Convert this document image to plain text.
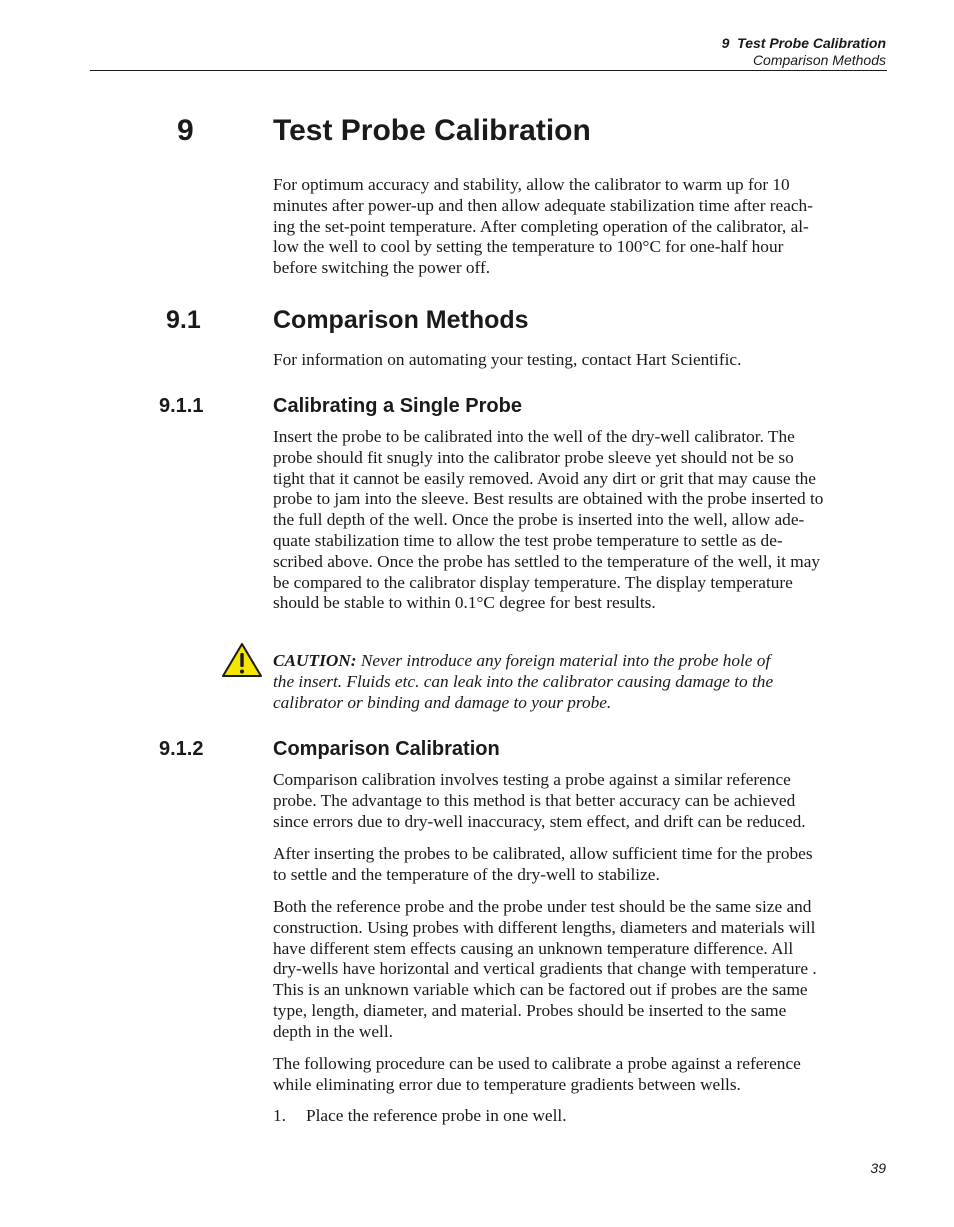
9  Test Probe Calibration
Comparison Methods
9	Test Probe Calibration
For optimum accuracy and stability, allow the calibrator to warm up for 10
minutes after power-up and then allow adequate stabilization time after reach-
ing the set-point temperature. After completing operation of the calibrator, al-
low the well to cool by setting the temperature to 100°C for one-half hour
before switching the power off.
9.1	Comparison Methods
For information on automating your testing, contact Hart Scientific.
9.1.1	Calibrating a Single Probe
Insert the probe to be calibrated into the well of the dry-well calibrator. The
probe should fit snugly into the calibrator probe sleeve yet should not be so
tight that it cannot be easily removed. Avoid any dirt or grit that may cause the
probe to jam into the sleeve. Best results are obtained with the probe inserted to
the full depth of the well. Once the probe is inserted into the well, allow ade-
quate stabilization time to allow the test probe temperature to settle as de-
scribed above. Once the probe has settled to the temperature of the well, it may
be compared to the calibrator display temperature. The display temperature
should be stable to within 0.1°C degree for best results.
CAUTION: Never introduce any foreign material into the probe hole of
the insert. Fluids etc. can leak into the calibrator causing damage to the
calibrator or binding and damage to your probe.
9.1.2	Comparison Calibration
Comparison calibration involves testing a probe against a similar reference
probe. The advantage to this method is that better accuracy can be achieved
since errors due to dry-well inaccuracy, stem effect, and drift can be reduced.
After inserting the probes to be calibrated, allow sufficient time for the probes
to settle and the temperature of the dry-well to stabilize.
Both the reference probe and the probe under test should be the same size and
construction. Using probes with different lengths, diameters and materials will
have different stem effects causing an unknown temperature difference. All
dry-wells have horizontal and vertical gradients that change with temperature .
This is an unknown variable which can be factored out if probes are the same
type, length, diameter, and material. Probes should be inserted to the same
depth in the well.
The following procedure can be used to calibrate a probe against a reference
while eliminating error due to temperature gradients between wells.
1. Place the reference probe in one well.
39
